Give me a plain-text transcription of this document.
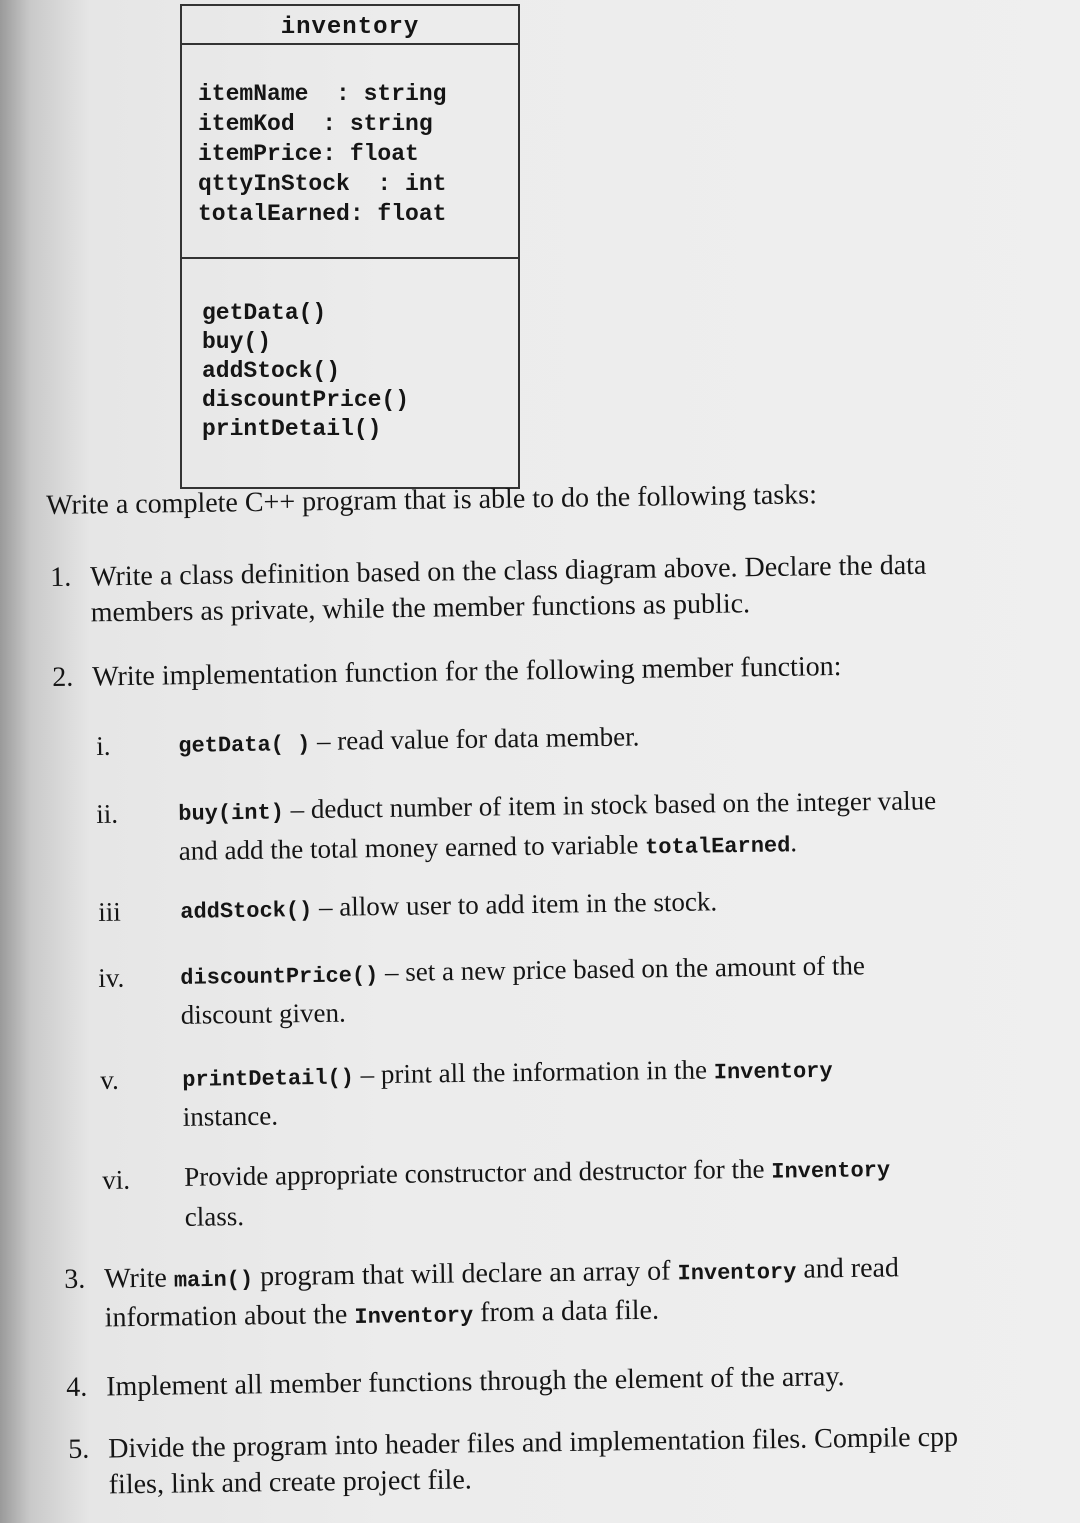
inventory
itemName  : string
itemKod  : string
itemPrice: float
qttyInStock  : int
totalEarned: float
getData()
buy()
addStock()
discountPrice()
printDetail()
Write a complete C++ program that is able to do the following tasks:
1. Write a class definition based on the class diagram above. Declare the data
members as private, while the member functions as public.
2. Write implementation function for the following member function:
i.	getData( ) – read value for data member.
ii.	buy(int) – deduct number of item in stock based on the integer value
and add the total money earned to variable totalEarned.
iii	addStock() – allow user to add item in the stock.
iv.	discountPrice() – set a new price based on the amount of the
discount given.
v.	printDetail() – print all the information in the Inventory
instance.
vi.	Provide appropriate constructor and destructor for the Inventory
class.
3. Write main() program that will declare an array of Inventory and read
information about the Inventory from a data file.
4. Implement all member functions through the element of the array.
5. Divide the program into header files and implementation files. Compile cpp
files, link and create project file.
